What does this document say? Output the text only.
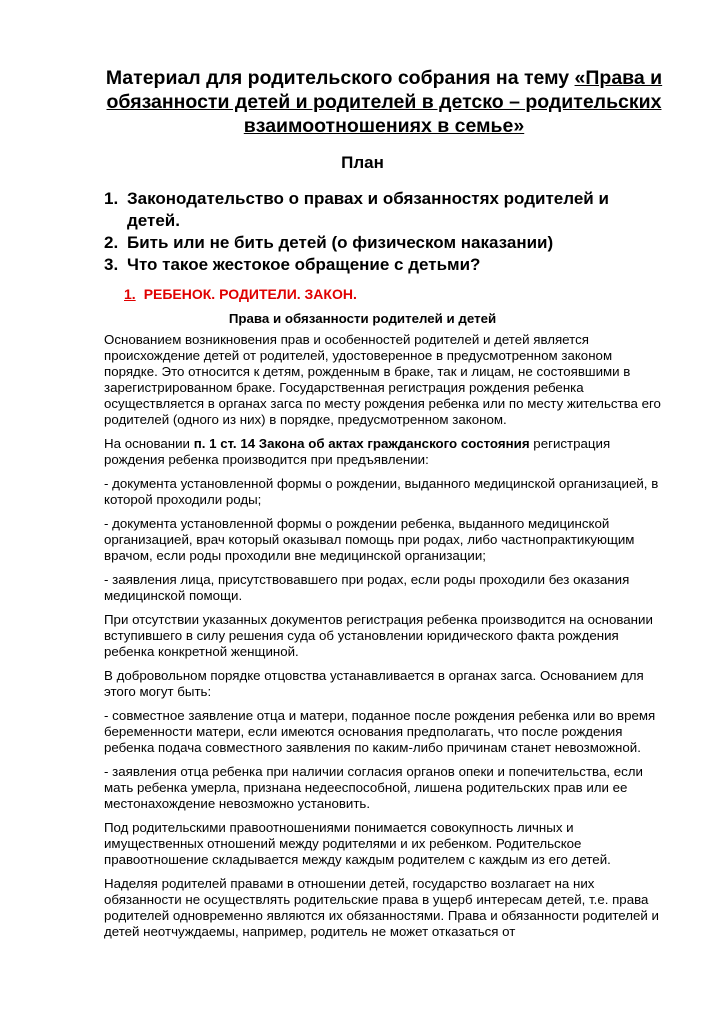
Материал для родительского собрания на тему «Права и обязанности детей и родителей в детско – родительских взаимоотношениях в семье»
План
1. Законодательство о правах и обязанностях родителей и детей.
2. Бить или не бить детей (о физическом наказании)
3. Что такое жестокое обращение с детьми?
1. РЕБЕНОК. РОДИТЕЛИ. ЗАКОН.
Права и обязанности родителей и детей

Основанием возникновения прав и особенностей родителей и детей является происхождение детей от родителей, удостоверенное в предусмотренном законом порядке. Это относится к детям, рожденным в браке, так и лицам, не состоявшими в зарегистрированном браке. Государственная регистрация рождения ребенка осуществляется в органах загса по месту рождения ребенка или по месту жительства его родителей (одного из них) в порядке, предусмотренном законом.

На основании п. 1 ст. 14 Закона об актах гражданского состояния регистрация рождения ребенка производится при предъявлении:

- документа установленной формы о рождении, выданного медицинской организацией, в которой проходили роды;

- документа установленной формы о рождении ребенка, выданного медицинской организацией, врач который оказывал помощь при родах, либо частнопрактикующим врачом, если роды проходили вне медицинской организации;

- заявления лица, присутствовавшего при родах, если роды проходили без оказания медицинской помощи.

При отсутствии указанных документов регистрация ребенка производится на основании вступившего в силу решения суда об установлении юридического факта рождения ребенка конкретной женщиной.

В добровольном порядке отцовства устанавливается в органах загса. Основанием для этого могут быть:

- совместное заявление отца и матери, поданное после рождения ребенка или во время беременности матери, если имеются основания предполагать, что после рождения ребенка подача совместного заявления по каким-либо причинам станет невозможной.

- заявления отца ребенка при наличии согласия органов опеки и попечительства, если мать ребенка умерла, признана недееспособной, лишена родительских прав или ее местонахождение невозможно установить.

Под родительскими правоотношениями понимается совокупность личных и имущественных отношений между родителями и их ребенком. Родительское правоотношение складывается между каждым родителем с каждым из его детей.

Наделяя родителей правами в отношении детей, государство возлагает на них обязанности не осуществлять родительские права в ущерб интересам детей, т.е. права родителей одновременно являются их обязанностями. Права и обязанности родителей и детей неотчуждаемы, например, родитель не может отказаться от
